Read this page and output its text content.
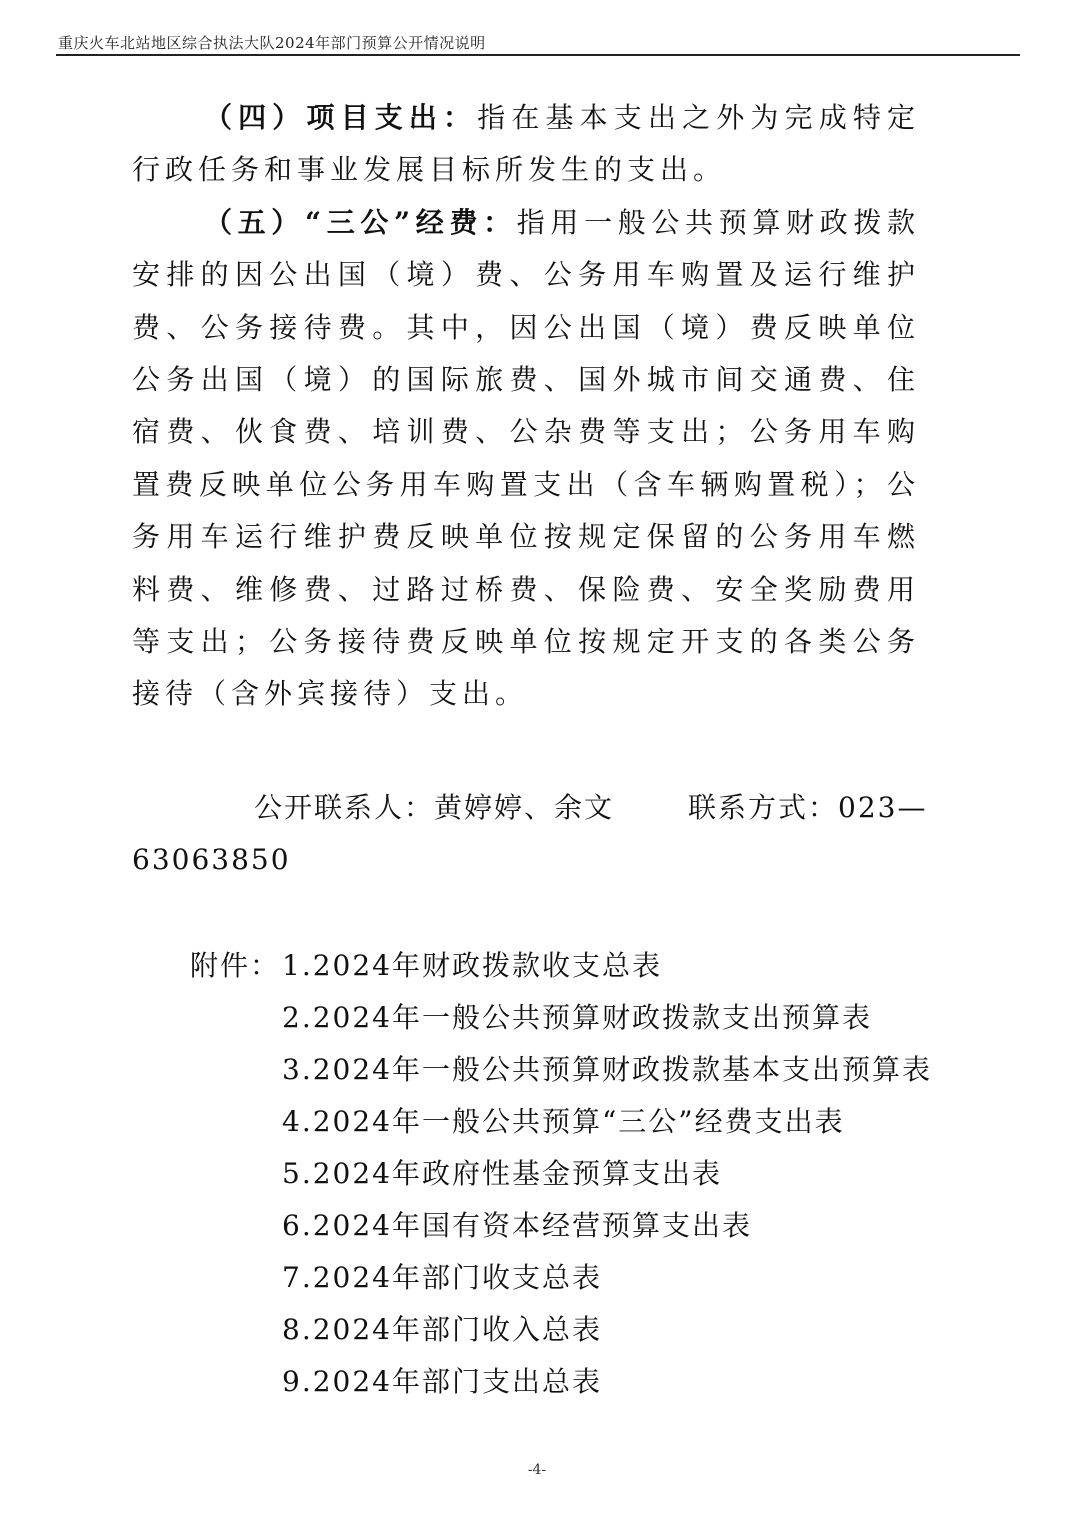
重庆火车北站地区综合执法大队2024年部门预算公开情况说明

（四）项目支出：指在基本支出之外为完成特定行政任务和事业发展目标所发生的支出。

（五）“三公”经费：指用一般公共预算财政拨款安排的因公出国（境）费、公务用车购置及运行维护费、公务接待费。其中，因公出国（境）费反映单位公务出国（境）的国际旅费、国外城市间交通费、住宿费、伙食费、培训费、公杂费等支出；公务用车购置费反映单位公务用车购置支出（含车辆购置税）；公务用车运行维护费反映单位按规定保留的公务用车燃料费、维修费、过路过桥费、保险费、安全奖励费用等支出；公务接待费反映单位按规定开支的各类公务接待（含外宾接待）支出。

公开联系人：黄婷婷、余文	联系方式：023—
63063850
附件：1.2024年财政拨款收支总表
2.2024年一般公共预算财政拨款支出预算表
3.2024年一般公共预算财政拨款基本支出预算表
4.2024年一般公共预算“三公”经费支出表
5.2024年政府性基金预算支出表
6.2024年国有资本经营预算支出表
7.2024年部门收支总表
8.2024年部门收入总表
9.2024年部门支出总表
-4-
